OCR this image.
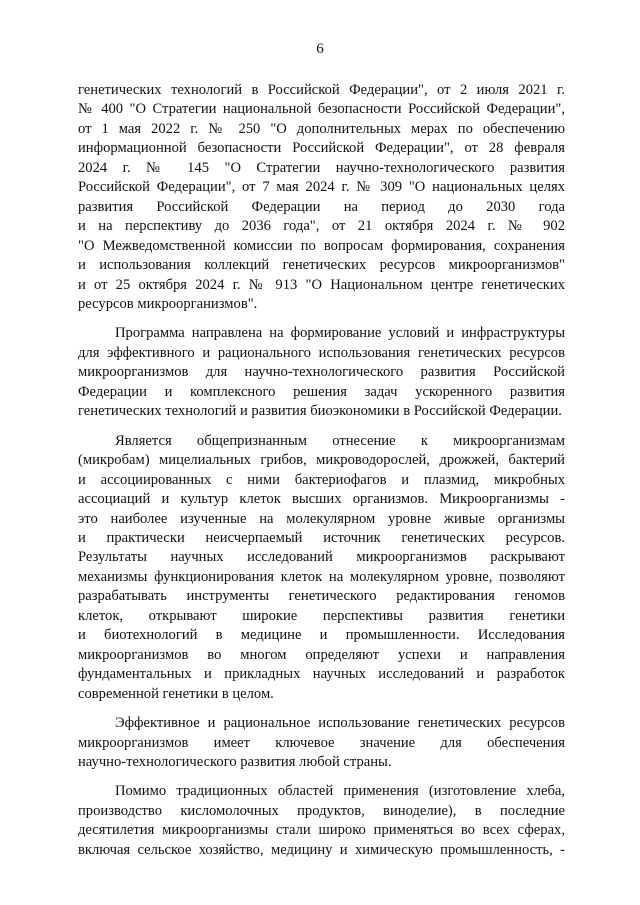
6
генетических технологий в Российской Федерации", от 2 июля 2021 г.
№ 400 "О Стратегии национальной безопасности Российской Федерации",
от 1 мая 2022 г. № 250 "О дополнительных мерах по обеспечению
информационной безопасности Российской Федерации", от 28 февраля
2024 г. № 145 "О Стратегии научно-технологического развития
Российской Федерации", от 7 мая 2024 г. № 309 "О национальных целях
развития Российской Федерации на период до 2030 года
и на перспективу до 2036 года", от 21 октября 2024 г. № 902
"О Межведомственной комиссии по вопросам формирования, сохранения
и использования коллекций генетических ресурсов микроорганизмов"
и от 25 октября 2024 г. № 913 "О Национальном центре генетических
ресурсов микроорганизмов".
Программа направлена на формирование условий и инфраструктуры
для эффективного и рационального использования генетических ресурсов
микроорганизмов для научно-технологического развития Российской
Федерации и комплексного решения задач ускоренного развития
генетических технологий и развития биоэкономики в Российской Федерации.
Является общепризнанным отнесение к микроорганизмам
(микробам) мицелиальных грибов, микроводорослей, дрожжей, бактерий
и ассоциированных с ними бактериофагов и плазмид, микробных
ассоциаций и культур клеток высших организмов. Микроорганизмы -
это наиболее изученные на молекулярном уровне живые организмы
и практически неисчерпаемый источник генетических ресурсов.
Результаты научных исследований микроорганизмов раскрывают
механизмы функционирования клеток на молекулярном уровне, позволяют
разрабатывать инструменты генетического редактирования геномов
клеток, открывают широкие перспективы развития генетики
и биотехнологий в медицине и промышленности. Исследования
микроорганизмов во многом определяют успехи и направления
фундаментальных и прикладных научных исследований и разработок
современной генетики в целом.
Эффективное и рациональное использование генетических ресурсов
микроорганизмов имеет ключевое значение для обеспечения
научно-технологического развития любой страны.
Помимо традиционных областей применения (изготовление хлеба,
производство кисломолочных продуктов, виноделие), в последние
десятилетия микроорганизмы стали широко применяться во всех сферах,
включая сельское хозяйство, медицину и химическую промышленность, -
